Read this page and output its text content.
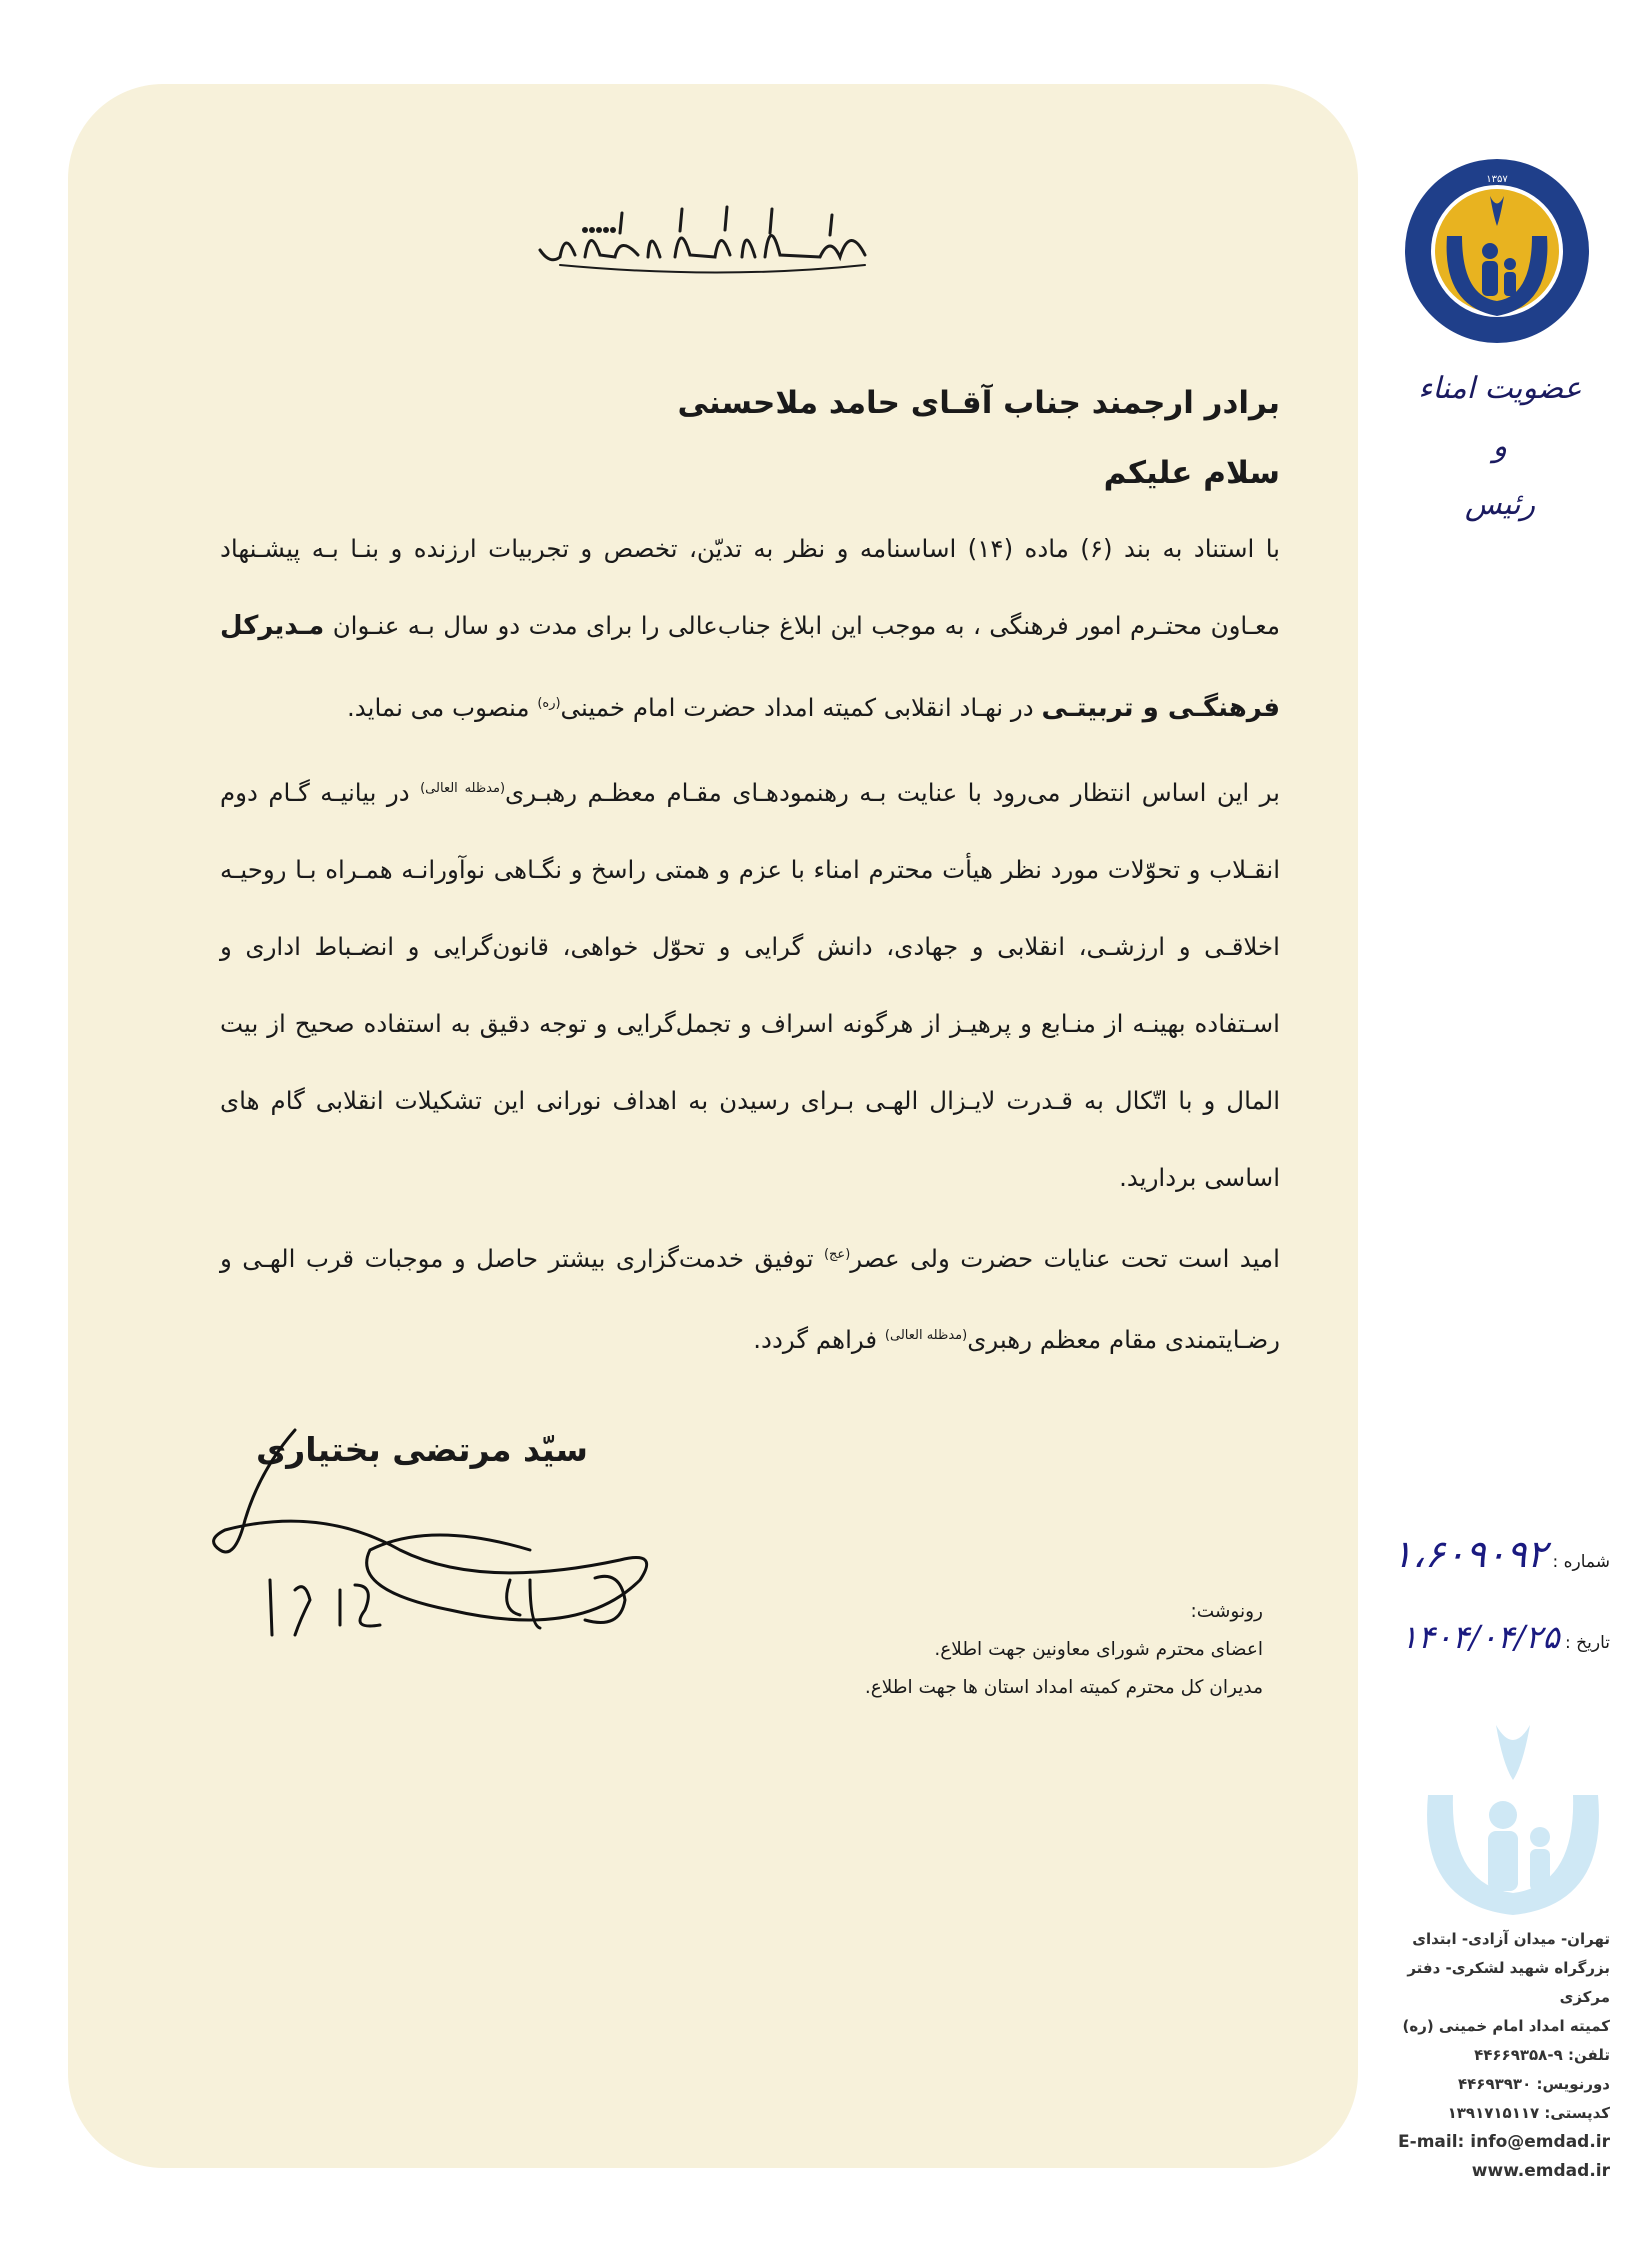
برادر ارجمند جناب آقـای حامد ملاحسنی
سلام علیکم

با استناد به بند (۶) ماده (۱۴) اساسنامه و نظر به تدیّن، تخصص و تجربیات ارزنده و بنـا بـه پیشـنهاد معـاون محتـرم امور فرهنگی ، به موجب این ابلاغ جناب‌عالی را برای مدت دو سال بـه عنـوان مـدیرکل فرهنگـی و تربیتـی در نهـاد انقلابی کمیته امداد حضرت امام خمینی$^{(ره)}$ منصوب می نماید.

بر این اساس انتظار می‌رود با عنایت بـه رهنمودهـای مقـام معظـم رهبـری$^{(مدظله العالی)}$ در بیانیـه گـام دوم انقـلاب و تحوّلات مورد نظر هیأت محترم امناء با عزم و همتی راسخ و نگـاهی نوآورانـه همـراه بـا روحیـه اخلاقـی و ارزشـی، انقلابی و جهادی، دانش گرایی و تحوّل خواهی، قانون‌گرایی و انضـباط اداری و اسـتفاده بهینـه از منـابع و پرهیـز از هرگونه اسراف و تجمل‌گرایی و توجه دقیق به استفاده صحیح از بیت المال و با اتّکال به قـدرت لایـزال الهـی بـرای رسیدن به اهداف نورانی این تشکیلات انقلابی گام های اساسی بردارید.

امید است تحت عنایات حضرت ولی عصر$^{(عج)}$ توفیق خدمت‌گزاری بیشتر حاصل و موجبات قرب الهـی و رضـایتمندی مقام معظم رهبری$^{(مدظله العالی)}$ فراهم گردد.

سیّد مرتضی بختیاری
رونوشت:
اعضای محترم شورای معاونین جهت اطلاع.
مدیران کل محترم کمیته امداد استان ها جهت اطلاع.
۱۳۵۷
عضویت امناء
و
رئیس
شماره : ۱،۶۰۹۰۹۲
تاریخ : ۱۴۰۴/۰۴/۲۵
تهران- میدان آزادی- ابتدای
بزرگراه شهید لشکری- دفتر مرکزی
کمیته امداد امام خمینی (ره)
تلفن: ۹-۴۴۶۶۹۳۵۸
دورنویس: ۴۴۶۹۳۹۳۰
کدپستی: ۱۳۹۱۷۱۵۱۱۷
E-mail: info@emdad.ir
www.emdad.ir
